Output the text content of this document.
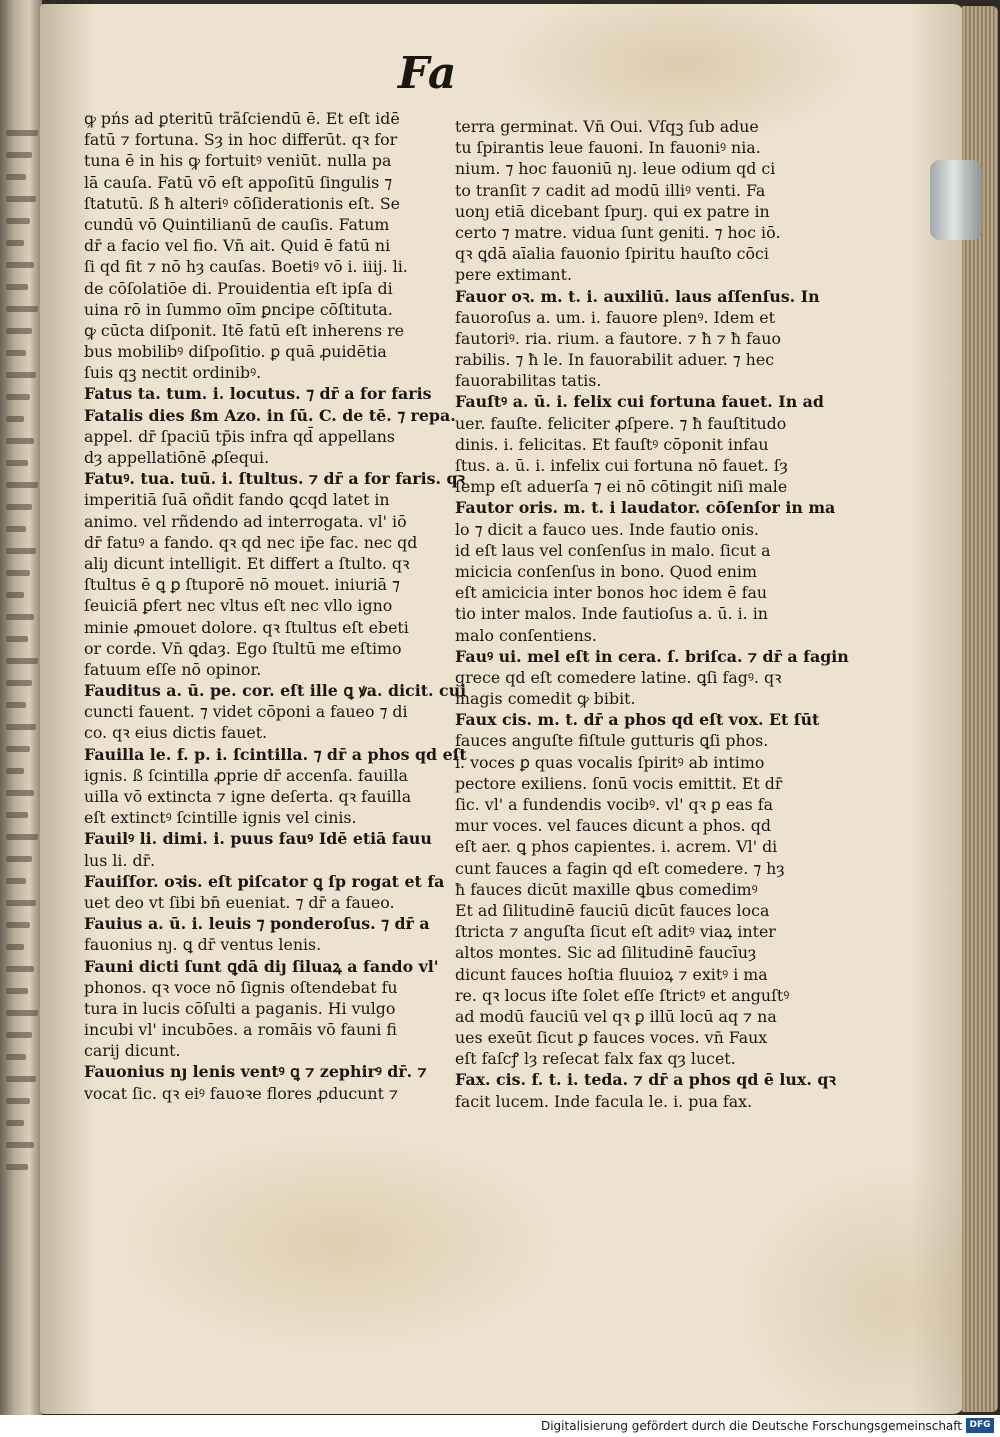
Fa
ꝙ pńs ad ꝑteritū trãſciendū ē. Et eſt idē
fatū ⁊ fortuna. Sȝ in hoc differūt. qꝛ for
tuna ē in his ꝙ fortuitꝰ veniūt. nulla pa
lā cauſa. Fatū vō eſt appoſitū ſingulis ⁊
ſtatutū. ß ħ alteriꝰ cōſiderationis eſt. Se
cundū vō Quintilianū de cauſis. Fatum
dr̄ a facio vel fio. Vn̄ ait. Quid ē fatū ni
ſi qd fit ⁊ nō hȝ cauſas. Boetiꝰ vō i. iiij. li.
de cōſolatiōe di. Prouidentia eſt ipſa di
uina rō in ſummo oīm ꝑncipe cōſtituta.
ꝙ cūcta diſponit. Itē fatū eſt inherens re
bus mobilibꝰ diſpoſitio. ꝑ quā ꝓuidētia
ſuis qꝫ nectit ordinibꝰ.
Fatus ta. tum. i. locutus. ⁊ dr̄ a for faris
Fatalis dies ßm Azo. in ſū. C. de tē. ⁊ repa.
appel. dr̄ ſpaciū tp̄is infra qd̄ appellans
dȝ appellatiōnē ꝓſequi.
Fatuꝰ. tua. tuū. i. ſtultus. ⁊ dr̄ a for faris. qꝛ
imperitiā ſuā oñdit fando ꝗcqd latet in
animo. vel rñdendo ad interrogata. vl' iō
dr̄ fatuꝰ a fando. qꝛ qd nec ip̄e fac. nec qd
aliȷ dicunt intelligit. Et differt a ſtulto. qꝛ
ſtultus ē ꝗ ꝑ ſtuporē nō mouet. iniuriā ⁊
ſeuiciā ꝑfert nec vltus eſt nec vllo igno
minie ꝓmouet dolore. qꝛ ſtultus eſt ebeti
or corde. Vn̄ ꝗdaȝ. Ego ſtultū me eſtimo
fatuum eſſe nō opinor.
Fauditus a. ū. pe. cor. eſt ille ꝗ ꝟa. dicit. cui
cuncti fauent. ⁊ videt cōponi a faueo ⁊ di
co. qꝛ eius dictis fauet.
Fauilla le. f. p. i. ſcintilla. ⁊ dr̄ a phos qd eſt
ignis. ß ſcintilla ꝓprie dr̄ accenſa. fauilla
uilla vō extincta ⁊ igne deſerta. qꝛ fauilla
eſt extinctꝰ ſcintille ignis vel cinis.
Fauilꝰ li. dimi. i. puus fauꝰ Idē etiā fauu
lus li. dr̄.
Fauiſſor. oꝛis. eſt piſcator ꝗ ſp rogat et fa
uet deo vt ſibi bn̄ eueniat. ⁊ dr̄ a faueo.
Fauius a. ū. i. leuis ⁊ ponderoſus. ⁊ dr̄ a
fauonius nȷ. ꝗ dr̄ ventus lenis.
Fauni dicti ſunt ꝗdā diȷ ſiluaꝝ a fando vl'
phonos. qꝛ voce nō ſignis oſtendebat fu
tura in lucis cōſulti a paganis. Hi vulgo
incubi vl' incubōes. a romāis vō fauni fi
carij dicunt.
Fauonius nȷ lenis ventꝰ ꝗ ⁊ zephirꝰ dr̄. ⁊
vocat ſic. qꝛ eiꝰ fauoꝛe flores ꝓducunt ⁊
terra germinat. Vn̄ Oui. Vſqꝫ ſub adue
tu ſpirantis leue fauoni. In fauoniꝰ nia.
nium. ⁊ hoc fauoniū nȷ. leue odium qd ci
to tranſit ⁊ cadit ad modū illiꝰ venti. Fa
uonȷ etiā dicebant ſpurȷ. qui ex patre in
certo ⁊ matre. vidua ſunt geniti. ⁊ hoc iō.
qꝛ ꝗdā aīalia fauonio ſpiritu hauſto cōci
pere extimant.
Fauor oꝛ. m. t. i. auxiliū. laus aſſenſus. In
fauoroſus a. um. i. fauore plenꝰ. Idem et
fautoriꝰ. ria. rium. a fautore. ⁊ ħ ⁊ ħ fauo
rabilis. ⁊ ħ le. In fauorabilit aduer. ⁊ hec
fauorabilitas tatis.
Fauſtꝰ a. ū. i. felix cui fortuna fauet. In ad
uer. fauſte. feliciter ꝓſpere. ⁊ ħ fauſtitudo
dinis. i. felicitas. Et fauſtꝰ cōponit infau
ſtus. a. ū. i. infelix cui fortuna nō fauet. ſȝ
ſemp eſt aduerſa ⁊ ei nō cōtingit niſi male
Fautor oris. m. t. i laudator. cōſenſor in ma
lo ⁊ dicit a fauco ues. Inde fautio onis.
id eſt laus vel conſenſus in malo. ſicut a
micicia conſenſus in bono. Quod enim
eſt amicicia inter bonos hoc idem ē fau
tio inter malos. Inde fautioſus a. ū. i. in
malo conſentiens.
Fauꝰ ui. mel eſt in cera. ſ. briſca. ⁊ dr̄ a fagin
grece qd eſt comedere latine. ꝗſi fagꝰ. qꝛ
magis comedit ꝙ bibit.
Faux cis. m. t. dr̄ a phos qd eſt vox. Et ſūt
fauces anguſte fiſtule gutturis ꝗſi phos.
i. voces ꝑ quas vocalis ſpiritꝰ ab intimo
pectore exiliens. ſonū vocis emittit. Et dr̄
ſic. vl' a fundendis vocibꝰ. vl' qꝛ ꝑ eas fa
mur voces. vel fauces dicunt a phos. qd
eſt aer. ꝗ phos capientes. i. acrem. Vl' di
cunt fauces a fagin qd eſt comedere. ⁊ hȝ
ħ fauces dicūt maxille ꝗbus comedimꝰ
Et ad ſilitudinē fauciū dicūt fauces loca
ſtricta ⁊ anguſta ſicut eſt aditꝰ viaꝝ inter
altos montes. Sic ad ſilitudinē faucīuȝ
dicunt fauces hoſtia fluuioꝝ ⁊ exitꝰ i ma
re. qꝛ locus iſte ſolet eſſe ſtrictꝰ et anguſtꝰ
ad modū fauciū vel qꝛ ꝑ illū locū aq ⁊ na
ues exeūt ſicut ꝑ fauces voces. vn̄ Faux
eſt faſcꝭ lȝ reſecat falx fax qȝ lucet.
Fax. cis. f. t. i. teda. ⁊ dr̄ a phos qd ē lux. qꝛ
facit lucem. Inde facula le. i. pua fax.
Digitalisierung gefördert durch die Deutsche Forschungsgemeinschaft DFG
